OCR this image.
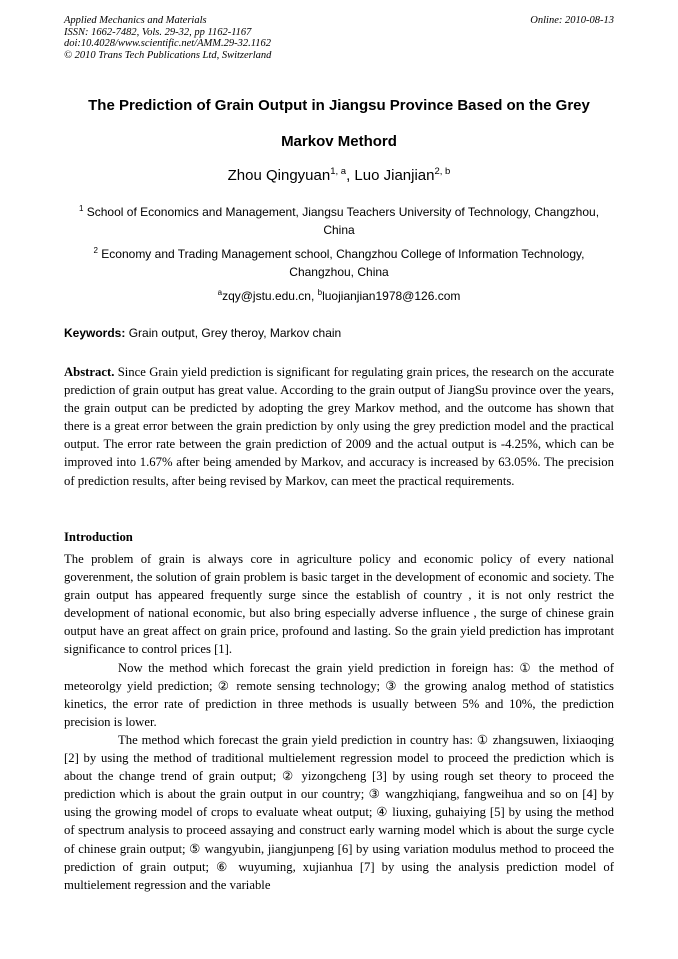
Applied Mechanics and Materials
ISSN: 1662-7482, Vols. 29-32, pp 1162-1167
doi:10.4028/www.scientific.net/AMM.29-32.1162
© 2010 Trans Tech Publications Ltd, Switzerland
Online: 2010-08-13
The Prediction of Grain Output in Jiangsu Province Based on the Grey
Markov Methord
Zhou Qingyuan$^{1, a}$, Luo Jianjian$^{2, b}$
$^1$ School of Economics and Management, Jiangsu Teachers University of Technology, Changzhou, China
$^2$ Economy and Trading Management school, Changzhou College of Information Technology, Changzhou, China
$^a$zqy@jstu.edu.cn, $^b$luojianjian1978@126.com
Keywords: Grain output, Grey theroy, Markov chain
Abstract. Since Grain yield prediction is significant for regulating grain prices, the research on the accurate prediction of grain output has great value. According to the grain output of JiangSu province over the years, the grain output can be predicted by adopting the grey Markov method, and the outcome has shown that there is a great error between the grain prediction by only using the grey prediction model and the practical output. The error rate between the grain prediction of 2009 and the actual output is -4.25%, which can be improved into 1.67% after being amended by Markov, and accuracy is increased by 63.05%. The precision of prediction results, after being revised by Markov, can meet the practical requirements.
Introduction

The problem of grain is always core in agriculture policy and economic policy of every national goverenment, the solution of grain problem is basic target in the development of economic and society. The grain output has appeared frequently surge since the establish of country , it is not only restrict the development of national economic, but also bring especially adverse influence , the surge of chinese grain output have an great affect on grain price, profound and lasting. So the grain yield prediction has improtant significance to control prices [1].

Now the method which forecast the grain yield prediction in foreign has: ① the method of meteorolgy yield prediction; ② remote sensing technology; ③ the growing analog method of statistics kinetics, the error rate of prediction in three methods is usually between 5% and 10%, the prediction precision is lower.

The method which forecast the grain yield prediction in country has: ① zhangsuwen, lixiaoqing [2] by using the method of traditional multielement regression model to proceed the prediction which is about the change trend of grain output; ② yizongcheng [3] by using rough set theory to proceed the prediction which is about the grain output in our country; ③ wangzhiqiang, fangweihua and so on [4] by using the growing model of crops to evaluate wheat output; ④ liuxing, guhaiying [5] by using the method of spectrum analysis to proceed assaying and construct early warning model which is about the surge cycle of chinese grain output; ⑤ wangyubin, jiangjunpeng [6] by using variation modulus method to proceed the prediction of grain output; ⑥ wuyuming, xujianhua [7] by using the analysis prediction model of multielement regression and the variable
